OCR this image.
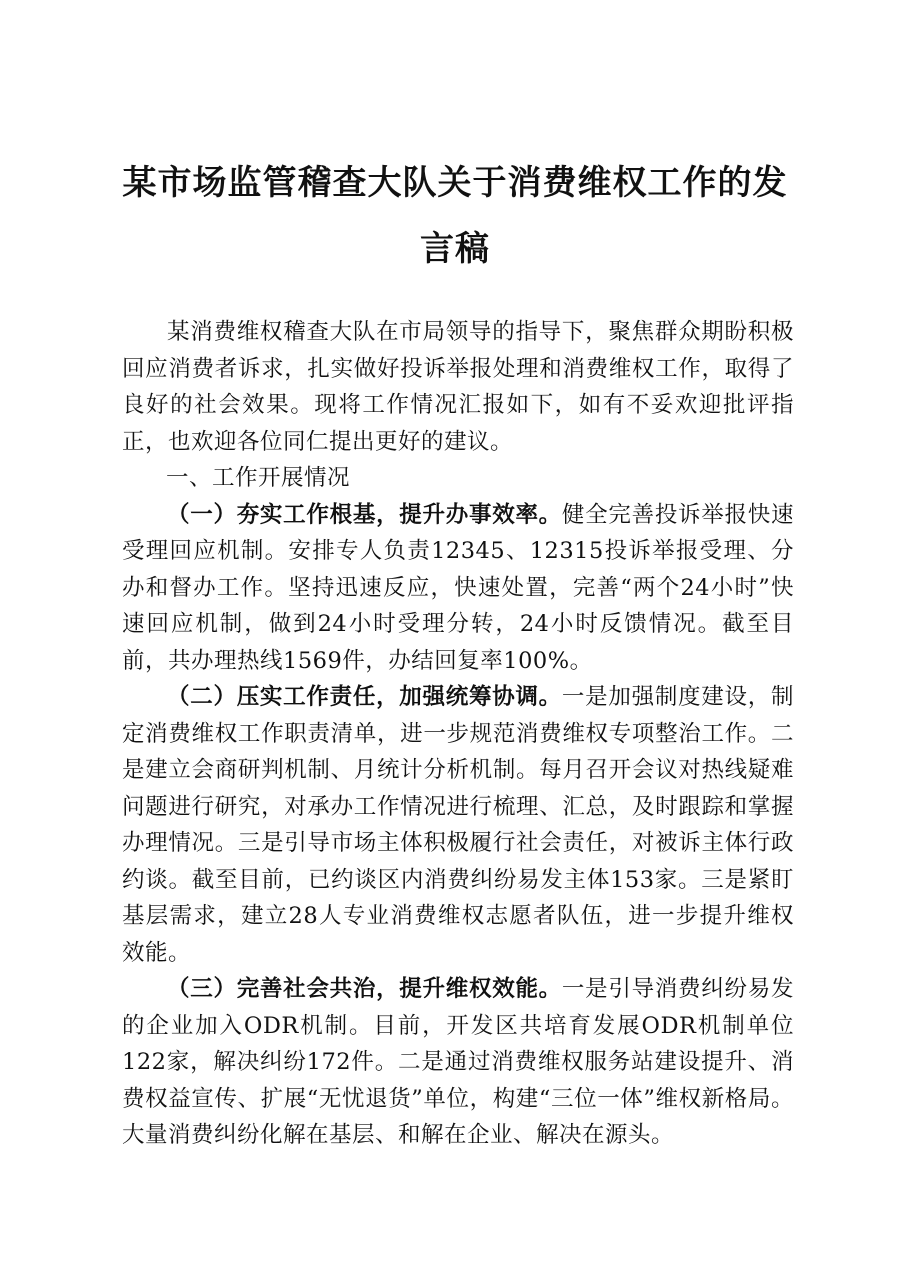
某市场监管稽查大队关于消费维权工作的发言稿

某消费维权稽查大队在市局领导的指导下，聚焦群众期盼积极回应消费者诉求，扎实做好投诉举报处理和消费维权工作，取得了良好的社会效果。现将工作情况汇报如下，如有不妥欢迎批评指正，也欢迎各位同仁提出更好的建议。

一、工作开展情况

（一）夯实工作根基，提升办事效率。健全完善投诉举报快速受理回应机制。安排专人负责12345、12315投诉举报受理、分办和督办工作。坚持迅速反应，快速处置，完善“两个24小时”快速回应机制，做到24小时受理分转，24小时反馈情况。截至目前，共办理热线1569件，办结回复率100%。

（二）压实工作责任，加强统筹协调。一是加强制度建设，制定消费维权工作职责清单，进一步规范消费维权专项整治工作。二是建立会商研判机制、月统计分析机制。每月召开会议对热线疑难问题进行研究，对承办工作情况进行梳理、汇总，及时跟踪和掌握办理情况。三是引导市场主体积极履行社会责任，对被诉主体行政约谈。截至目前，已约谈区内消费纠纷易发主体153家。三是紧盯基层需求，建立28人专业消费维权志愿者队伍，进一步提升维权效能。

（三）完善社会共治，提升维权效能。一是引导消费纠纷易发的企业加入ODR机制。目前，开发区共培育发展ODR机制单位122家，解决纠纷172件。二是通过消费维权服务站建设提升、消费权益宣传、扩展“无忧退货”单位，构建“三位一体”维权新格局。大量消费纠纷化解在基层、和解在企业、解决在源头。
